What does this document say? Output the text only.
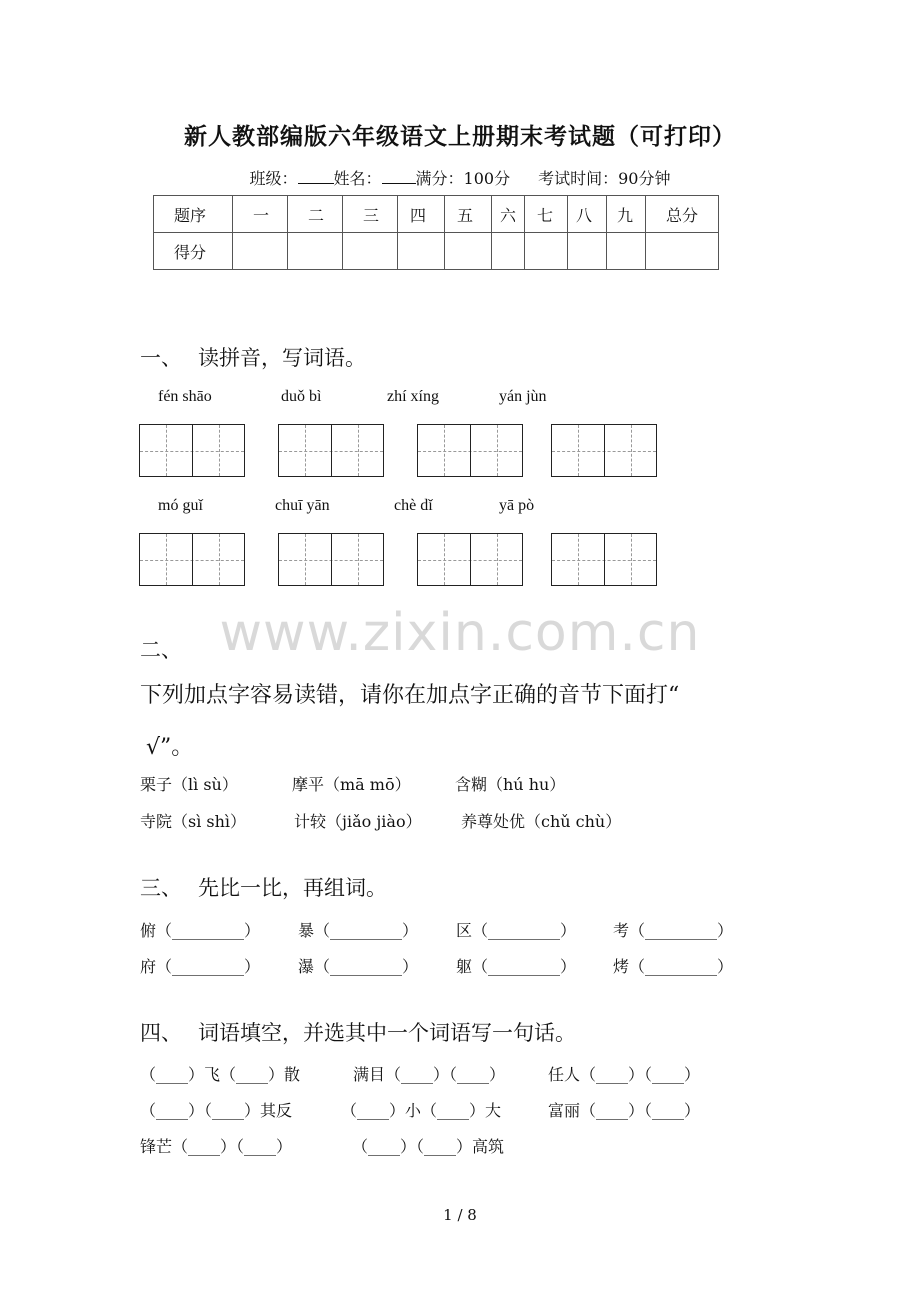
新人教部编版六年级语文上册期末考试题（可打印）
班级： 姓名： 满分：100分 考试时间：90分钟
题序	一	二	三	四	五	六	七	八	九	总分
得分										
一、 读拼音，写词语。
fén shāo	duǒ bì	zhí xíng	yán jùn
mó guǐ	chuī yān	chè dǐ	yā pò
www.zixin.com.cn
二、
下列加点字容易读错，请你在加点字正确的音节下面打“
√”。
栗子（lì sù）	摩平（mā mō）	含糊（hú hu）
寺院（sì shì）	计较（jiǎo jiào） 养尊处优（chǔ chù）
三、 先比一比，再组词。
俯（_________） 暴（_________） 区（_________） 考（_________）
府（_________） 瀑（_________） 躯（_________） 烤（_________）
四、 词语填空，并选其中一个词语写一句话。
（____）飞（____）散	满目（____）（____）	任人（____）（____）
（____）（____）其反	（____）小（____）大	富丽（____）（____）
锋芒（____）（____）	（____）（____）高筑
1 / 8
